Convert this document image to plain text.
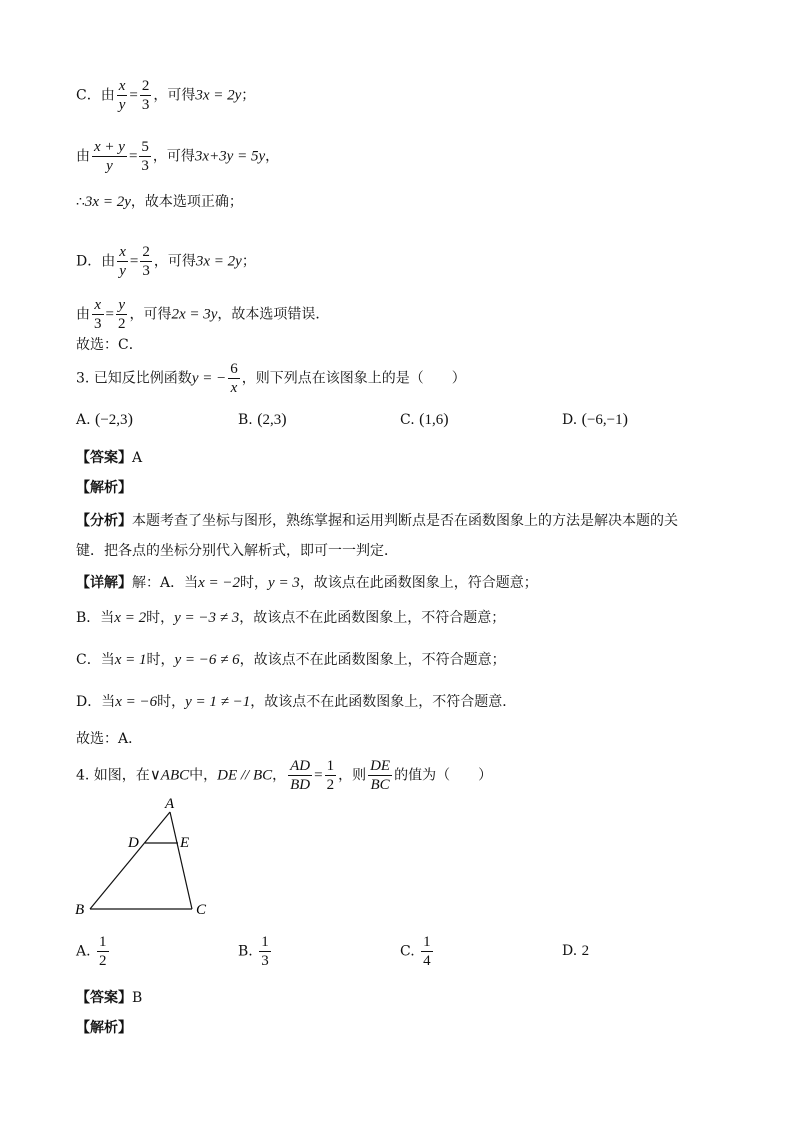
C．由 $\frac{x}{y} = \frac{2}{3}$ ，可得3x = 2y；
由 $\frac{x + y}{y} = \frac{5}{3}$ ，可得3x+3y = 5y，
∴3x = 2y，故本选项正确；
D．由 $\frac{x}{y} = \frac{2}{3}$ ，可得3x = 2y；
由 $\frac{x}{3} = \frac{y}{2}$ ，可得2x = 3y，故本选项错误．
故选：C．
3. 已知反比例函数y = − $\frac{6}{x}$ ，则下列点在该图象上的是（　　）
A. (−2,3)	B. (2,3)	C. (1,6)	D. (−6,−1)
【答案】A
【解析】
【分析】本题考查了坐标与图形，熟练掌握和运用判断点是否在函数图象上的方法是解决本题的关
键．把各点的坐标分别代入解析式，即可一一判定．
【详解】解：A．当x = −2时，y = 3，故该点在此函数图象上，符合题意；
B．当x = 2时，y = −3 ≠ 3，故该点不在此函数图象上，不符合题意；
C．当x = 1时，y = −6 ≠ 6，故该点不在此函数图象上，不符合题意；
D．当x = −6时，y = 1 ≠ −1，故该点不在此函数图象上，不符合题意．
故选：A．
4. 如图，在∨ABC中，DE // BC， $\frac{AD}{BD} = \frac{1}{2}$ ，则 $\frac{DE}{BC}$ 的值为（　　）
A
D	E
B	C
A. $\frac{1}{2}$	B. $\frac{1}{3}$	C. $\frac{1}{4}$	D. 2
【答案】B
【解析】
